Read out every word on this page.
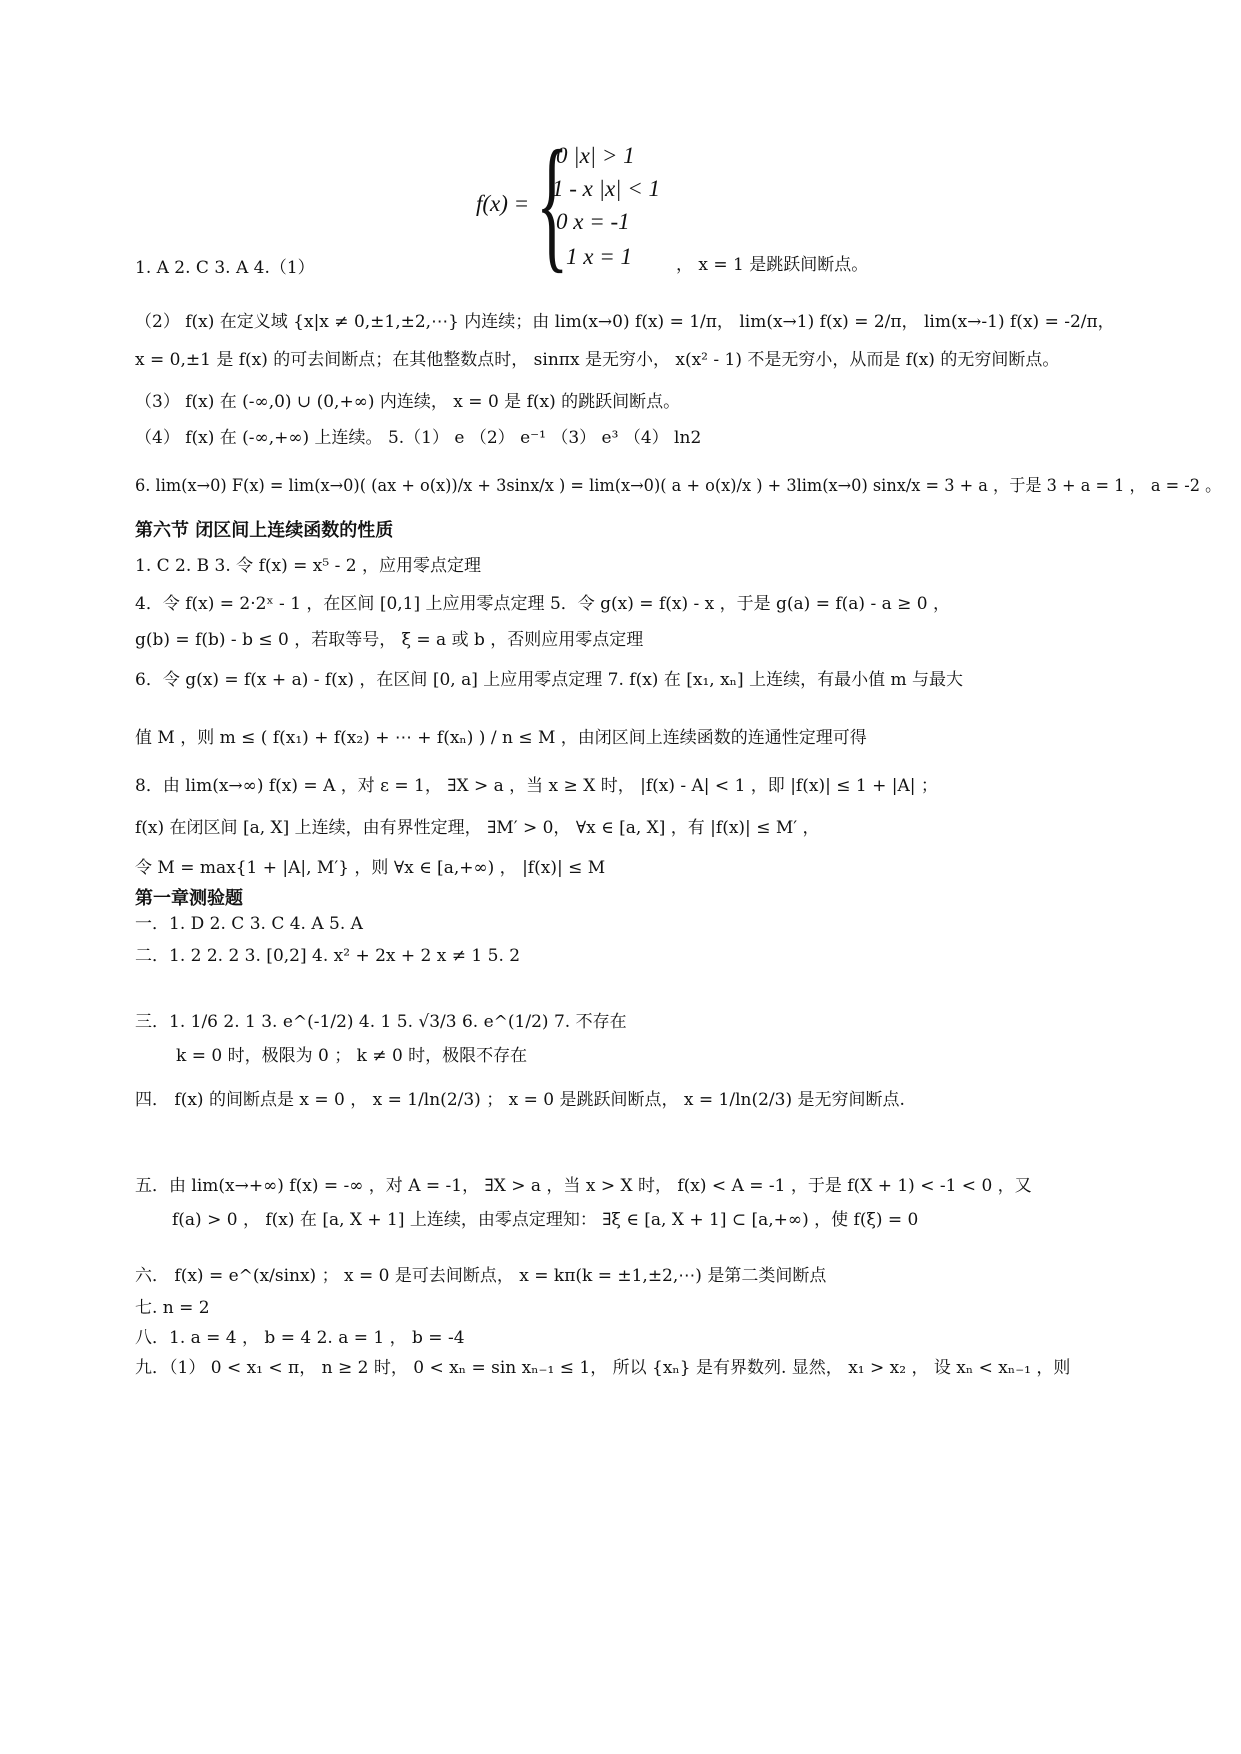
f(x) = {
0 |x| > 1
1 - x |x| < 1
0 x = -1
1 x = 1
1. A 2. C 3. A 4.（1）	， x = 1 是跳跃间断点。
（2） f(x) 在定义域 {x|x ≠ 0,±1,±2,⋯} 内连续；由 lim(x→0) f(x) = 1/π， lim(x→1) f(x) = 2/π， lim(x→-1) f(x) = -2/π，
x = 0,±1 是 f(x) 的可去间断点；在其他整数点时， sinπx 是无穷小， x(x² - 1) 不是无穷小，从而是 f(x) 的无穷间断点。
（3） f(x) 在 (-∞,0) ∪ (0,+∞) 内连续， x = 0 是 f(x) 的跳跃间断点。
（4） f(x) 在 (-∞,+∞) 上连续。 5.（1） e （2） e⁻¹ （3） e³ （4） ln2
6. lim(x→0) F(x) = lim(x→0)( (ax + o(x))/x + 3sinx/x ) = lim(x→0)( a + o(x)/x ) + 3lim(x→0) sinx/x = 3 + a ，于是 3 + a = 1 ， a = -2 。
第六节 闭区间上连续函数的性质
1. C 2. B 3. 令 f(x) = x⁵ - 2 ，应用零点定理
4．令 f(x) = 2·2ˣ - 1 ，在区间 [0,1] 上应用零点定理 5．令 g(x) = f(x) - x ，于是 g(a) = f(a) - a ≥ 0 ，
g(b) = f(b) - b ≤ 0 ，若取等号， ξ = a 或 b ，否则应用零点定理
6．令 g(x) = f(x + a) - f(x) ，在区间 [0, a] 上应用零点定理 7. f(x) 在 [x₁, xₙ] 上连续，有最小值 m 与最大
值 M ，则 m ≤ ( f(x₁) + f(x₂) + ⋯ + f(xₙ) ) / n ≤ M ，由闭区间上连续函数的连通性定理可得
8．由 lim(x→∞) f(x) = A ，对 ε = 1， ∃X > a ，当 x ≥ X 时， |f(x) - A| < 1 ，即 |f(x)| ≤ 1 + |A| ；
f(x) 在闭区间 [a, X] 上连续，由有界性定理， ∃M′ > 0， ∀x ∈ [a, X] ，有 |f(x)| ≤ M′ ，
令 M = max{1 + |A|, M′} ，则 ∀x ∈ [a,+∞) ， |f(x)| ≤ M
第一章测验题
一．1. D 2. C 3. C 4. A 5. A
二．1. 2 2. 2 3. [0,2] 4. x² + 2x + 2 x ≠ 1 5. 2
三．1. 1/6 2. 1 3. e^(-1/2) 4. 1 5. √3/3 6. e^(1/2) 7. 不存在
k = 0 时，极限为 0 ； k ≠ 0 时，极限不存在
四． f(x) 的间断点是 x = 0 ， x = 1/ln(2/3) ； x = 0 是跳跃间断点， x = 1/ln(2/3) 是无穷间断点.
五．由 lim(x→+∞) f(x) = -∞ ，对 A = -1， ∃X > a ，当 x > X 时， f(x) < A = -1 ，于是 f(X + 1) < -1 < 0 ，又
f(a) > 0 ， f(x) 在 [a, X + 1] 上连续，由零点定理知： ∃ξ ∈ [a, X + 1] ⊂ [a,+∞) ，使 f(ξ) = 0
六． f(x) = e^(x/sinx) ； x = 0 是可去间断点， x = kπ(k = ±1,±2,⋯) 是第二类间断点
七. n = 2
八．1. a = 4 ， b = 4 2. a = 1 ， b = -4
九．（1） 0 < x₁ < π， n ≥ 2 时， 0 < xₙ = sin xₙ₋₁ ≤ 1， 所以 {xₙ} 是有界数列. 显然， x₁ > x₂ ， 设 xₙ < xₙ₋₁ ，则
